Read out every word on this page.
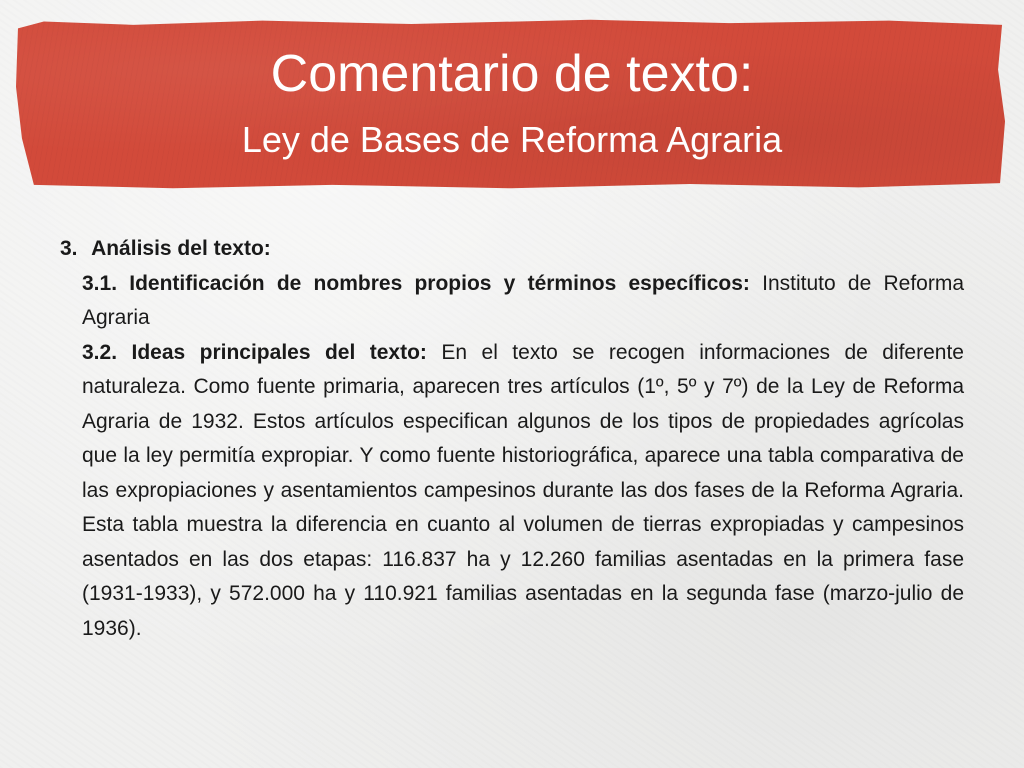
Comentario de texto:
Ley de Bases de Reforma Agraria

3. Análisis del texto:

3.1. Identificación de nombres propios y términos específicos: Instituto de Reforma Agraria

3.2. Ideas principales del texto: En el texto se recogen informaciones de diferente naturaleza. Como fuente primaria, aparecen tres artículos (1º, 5º y 7º) de la Ley de Reforma Agraria de 1932. Estos artículos especifican algunos de los tipos de propiedades agrícolas que la ley permitía expropiar. Y como fuente historiográfica, aparece una tabla comparativa de las expropiaciones y asentamientos campesinos durante las dos fases de la Reforma Agraria. Esta tabla muestra la diferencia en cuanto al volumen de tierras expropiadas y campesinos asentados en las dos etapas: 116.837 ha y 12.260 familias asentadas en la primera fase (1931-1933), y 572.000 ha y 110.921 familias asentadas en la segunda fase (marzo-julio de 1936).
